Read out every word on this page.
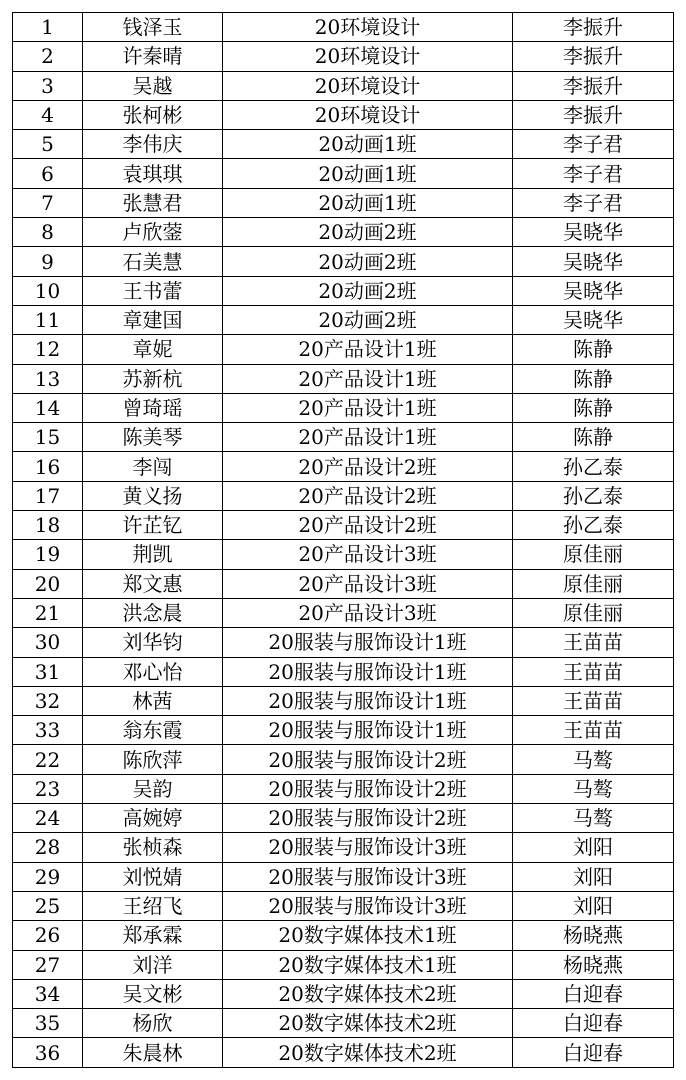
1	钱泽玉	20环境设计	李振升
2	许秦晴	20环境设计	李振升
3	吴越	20环境设计	李振升
4	张柯彬	20环境设计	李振升
5	李伟庆	20动画1班	李子君
6	袁琪琪	20动画1班	李子君
7	张慧君	20动画1班	李子君
8	卢欣蓥	20动画2班	吴晓华
9	石美慧	20动画2班	吴晓华
10	王书蕾	20动画2班	吴晓华
11	章建国	20动画2班	吴晓华
12	章妮	20产品设计1班	陈静
13	苏新杭	20产品设计1班	陈静
14	曾琦瑶	20产品设计1班	陈静
15	陈美琴	20产品设计1班	陈静
16	李闯	20产品设计2班	孙乙泰
17	黄义扬	20产品设计2班	孙乙泰
18	许芷钇	20产品设计2班	孙乙泰
19	荆凯	20产品设计3班	原佳丽
20	郑文惠	20产品设计3班	原佳丽
21	洪念晨	20产品设计3班	原佳丽
30	刘华钧	20服装与服饰设计1班	王苗苗
31	邓心怡	20服装与服饰设计1班	王苗苗
32	林茜	20服装与服饰设计1班	王苗苗
33	翁东霞	20服装与服饰设计1班	王苗苗
22	陈欣萍	20服装与服饰设计2班	马骜
23	吴韵	20服装与服饰设计2班	马骜
24	高婉婷	20服装与服饰设计2班	马骜
28	张桢森	20服装与服饰设计3班	刘阳
29	刘悦婧	20服装与服饰设计3班	刘阳
25	王绍飞	20服装与服饰设计3班	刘阳
26	郑承霖	20数字媒体技术1班	杨晓燕
27	刘洋	20数字媒体技术1班	杨晓燕
34	吴文彬	20数字媒体技术2班	白迎春
35	杨欣	20数字媒体技术2班	白迎春
36	朱晨林	20数字媒体技术2班	白迎春
